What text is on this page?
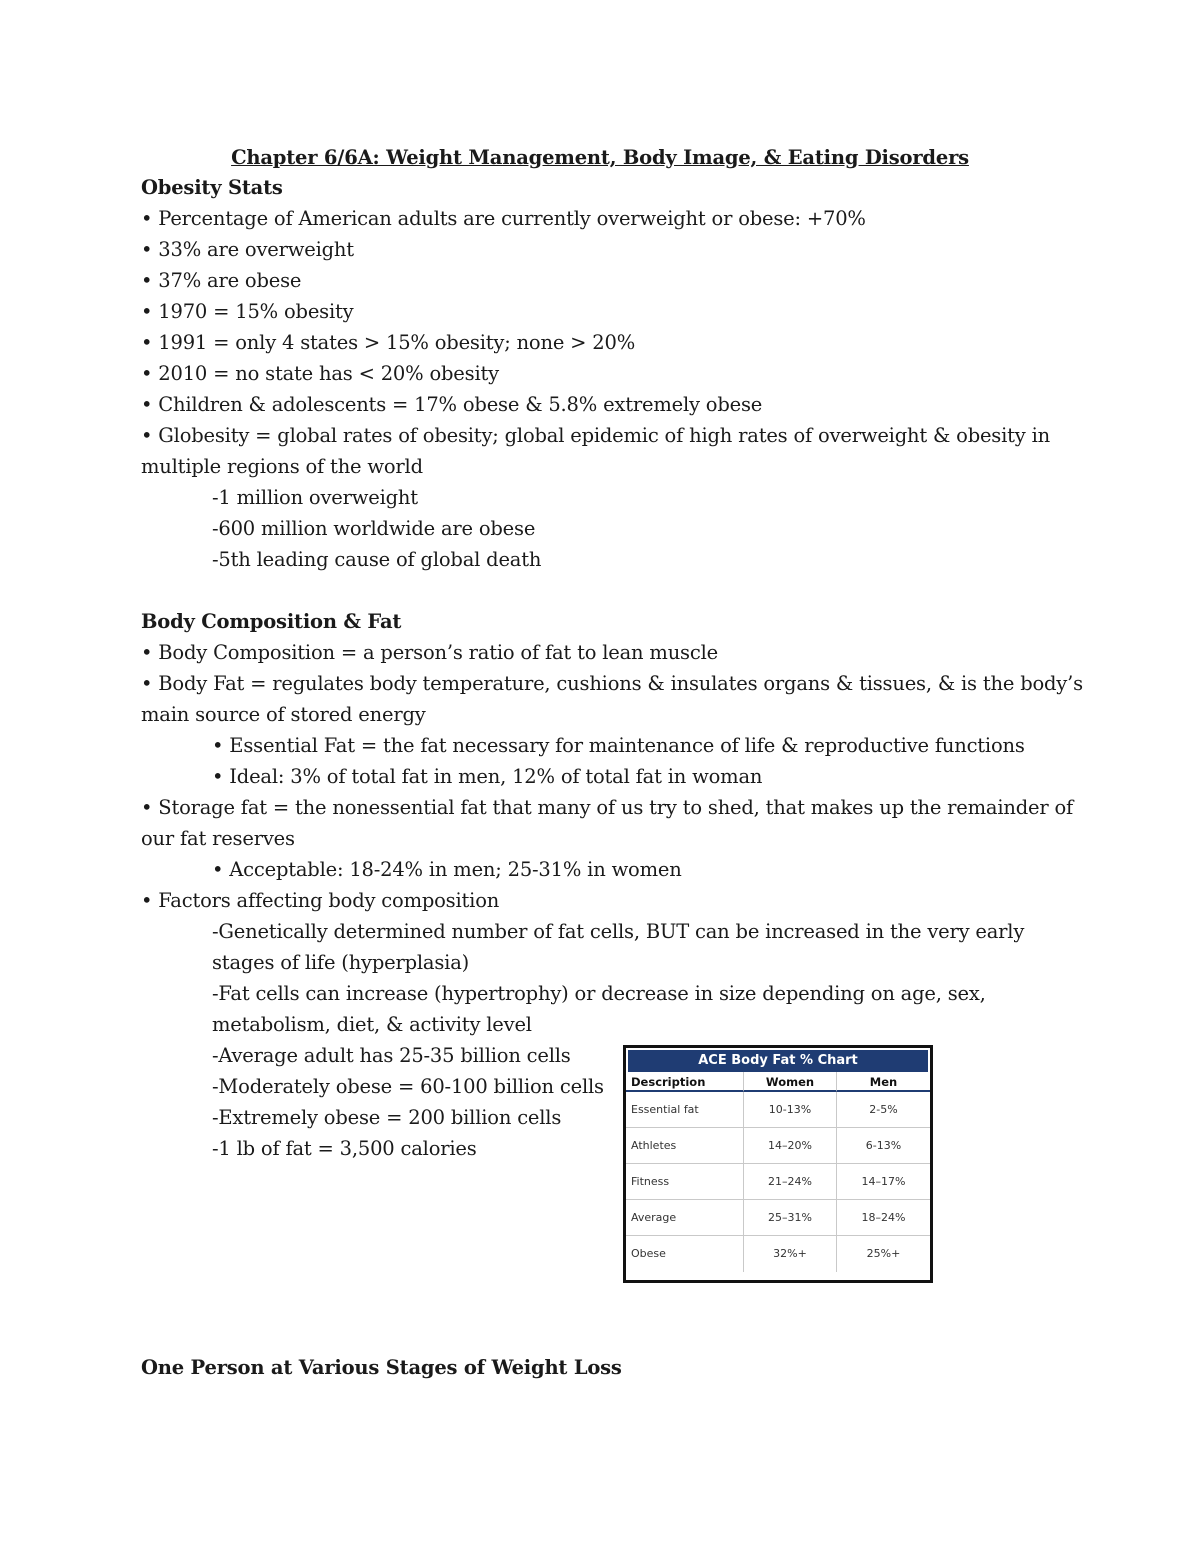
Chapter 6/6A: Weight Management, Body Image, & Eating Disorders
Obesity Stats
• Percentage of American adults are currently overweight or obese: +70%
• 33% are overweight
• 37% are obese
• 1970 = 15% obesity
• 1991 = only 4 states > 15% obesity; none > 20%
• 2010 = no state has < 20% obesity
• Children & adolescents = 17% obese & 5.8% extremely obese
• Globesity = global rates of obesity; global epidemic of high rates of overweight & obesity in
multiple regions of the world
-1 million overweight
-600 million worldwide are obese
-5th leading cause of global death
Body Composition & Fat
• Body Composition = a person’s ratio of fat to lean muscle
• Body Fat = regulates body temperature, cushions & insulates organs & tissues, & is the body’s
main source of stored energy
• Essential Fat = the fat necessary for maintenance of life & reproductive functions
• Ideal: 3% of total fat in men, 12% of total fat in woman
• Storage fat = the nonessential fat that many of us try to shed, that makes up the remainder of
our fat reserves
• Acceptable: 18-24% in men; 25-31% in women
• Factors affecting body composition
-Genetically determined number of fat cells, BUT can be increased in the very early
stages of life (hyperplasia)
-Fat cells can increase (hypertrophy) or decrease in size depending on age, sex,
metabolism, diet, & activity level
-Average adult has 25-35 billion cells
-Moderately obese = 60-100 billion cells
-Extremely obese = 200 billion cells
-1 lb of fat = 3,500 calories
ACE Body Fat % Chart
Description	Women	Men
Essential fat	10-13%	2-5%
Athletes	14–20%	6-13%
Fitness	21–24%	14–17%
Average	25–31%	18–24%
Obese	32%+	25%+
One Person at Various Stages of Weight Loss
